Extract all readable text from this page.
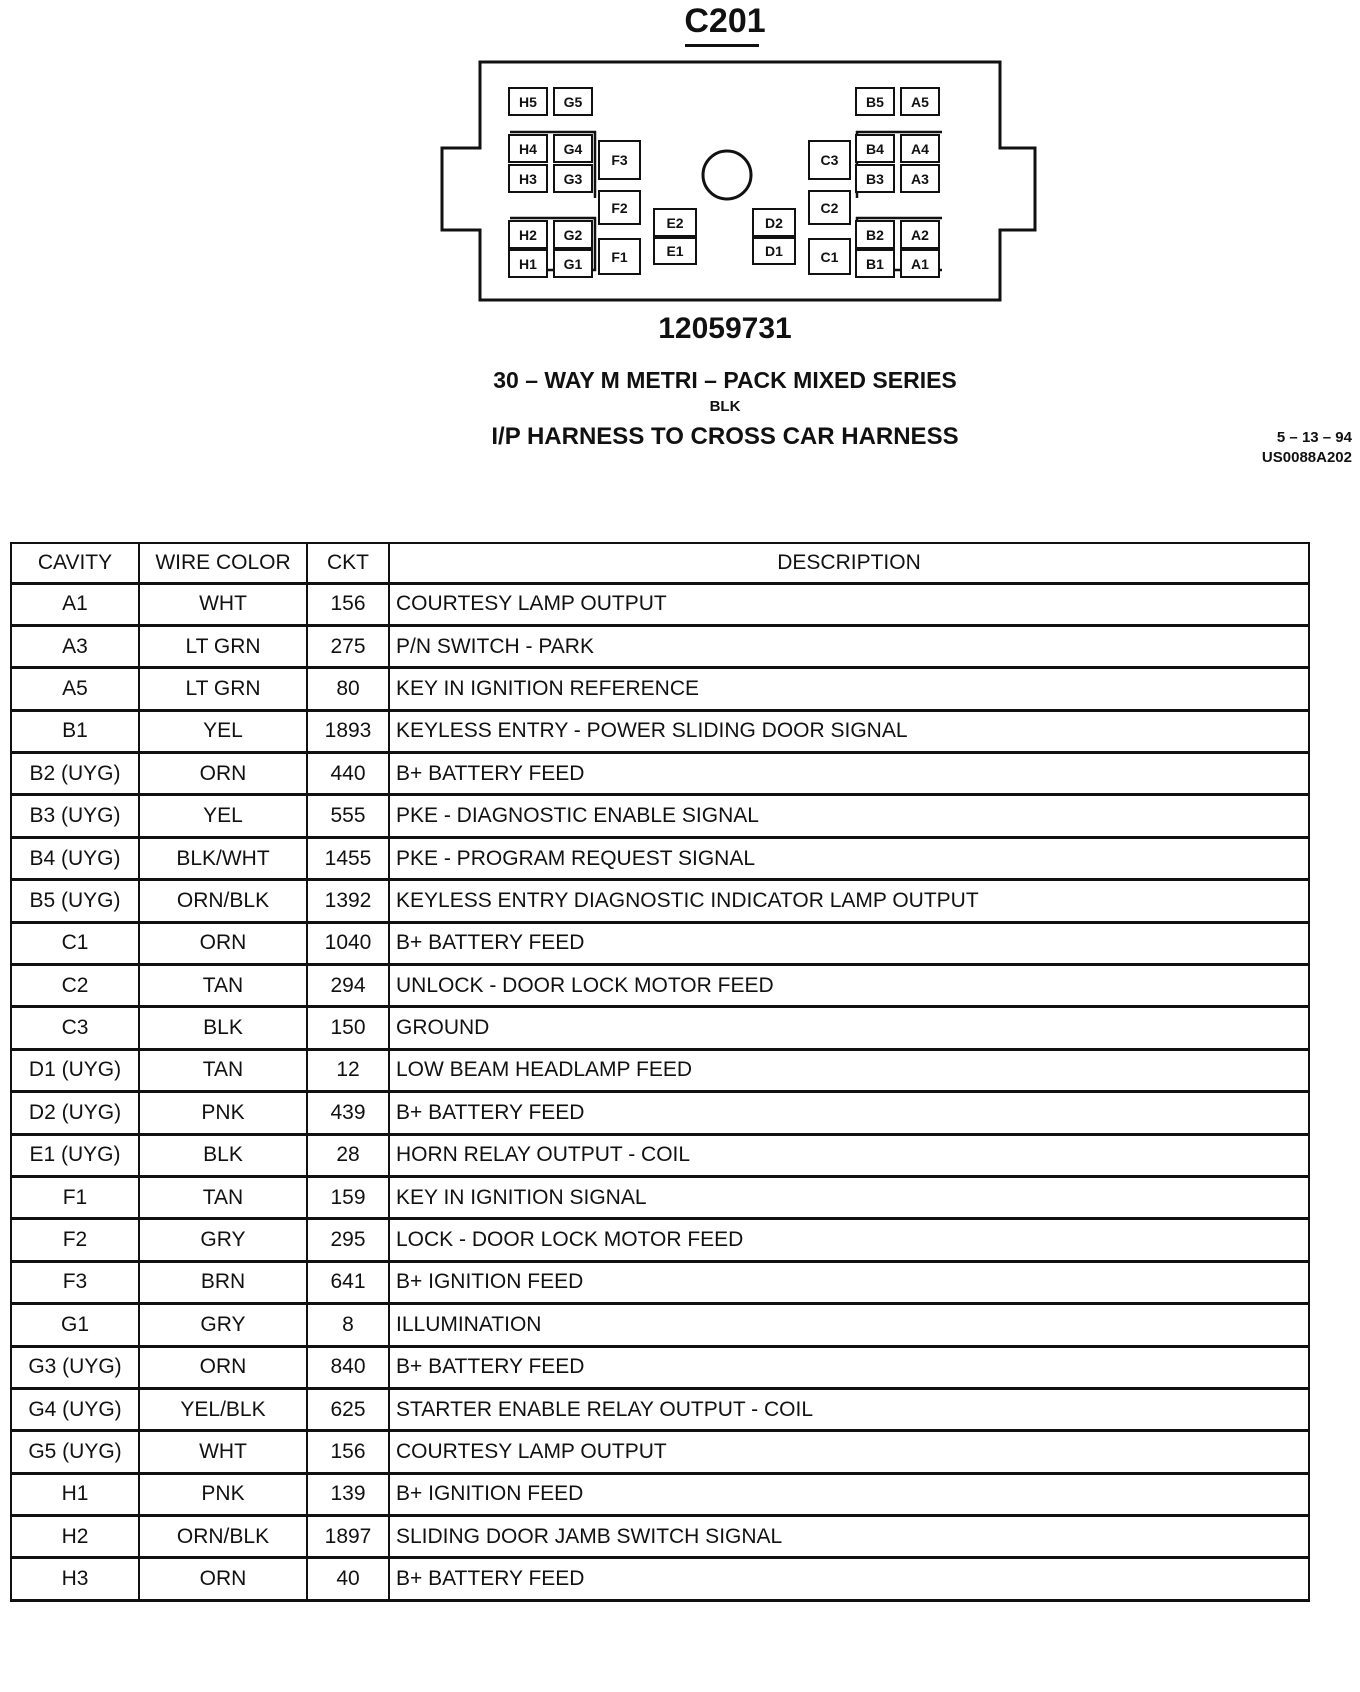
C201
H5	G5	B5	A5
H4	G4
H3	G3
F3
F2
H2	G2
H1	G1	F1
E2
E1
D2
D1
C3
C2
C1
B4	A4
B3	A3
B2	A2
B1	A1
12059731
30 – WAY M METRI – PACK MIXED SERIES
BLK
I/P HARNESS TO CROSS CAR HARNESS	5 – 13 – 94
US0088A202
CAVITY	WIRE COLOR	CKT	DESCRIPTION
A1	WHT	156	COURTESY LAMP OUTPUT
A3	LT GRN	275	P/N SWITCH - PARK
A5	LT GRN	80	KEY IN IGNITION REFERENCE
B1	YEL	1893	KEYLESS ENTRY - POWER SLIDING DOOR SIGNAL
B2 (UYG)	ORN	440	B+ BATTERY FEED
B3 (UYG)	YEL	555	PKE - DIAGNOSTIC ENABLE SIGNAL
B4 (UYG)	BLK/WHT	1455	PKE - PROGRAM REQUEST SIGNAL
B5 (UYG)	ORN/BLK	1392	KEYLESS ENTRY DIAGNOSTIC INDICATOR LAMP OUTPUT
C1	ORN	1040	B+ BATTERY FEED
C2	TAN	294	UNLOCK - DOOR LOCK MOTOR FEED
C3	BLK	150	GROUND
D1 (UYG)	TAN	12	LOW BEAM HEADLAMP FEED
D2 (UYG)	PNK	439	B+ BATTERY FEED
E1 (UYG)	BLK	28	HORN RELAY OUTPUT - COIL
F1	TAN	159	KEY IN IGNITION SIGNAL
F2	GRY	295	LOCK - DOOR LOCK MOTOR FEED
F3	BRN	641	B+ IGNITION FEED
G1	GRY	8	ILLUMINATION
G3 (UYG)	ORN	840	B+ BATTERY FEED
G4 (UYG)	YEL/BLK	625	STARTER ENABLE RELAY OUTPUT - COIL
G5 (UYG)	WHT	156	COURTESY LAMP OUTPUT
H1	PNK	139	B+ IGNITION FEED
H2	ORN/BLK	1897	SLIDING DOOR JAMB SWITCH SIGNAL
H3	ORN	40	B+ BATTERY FEED
